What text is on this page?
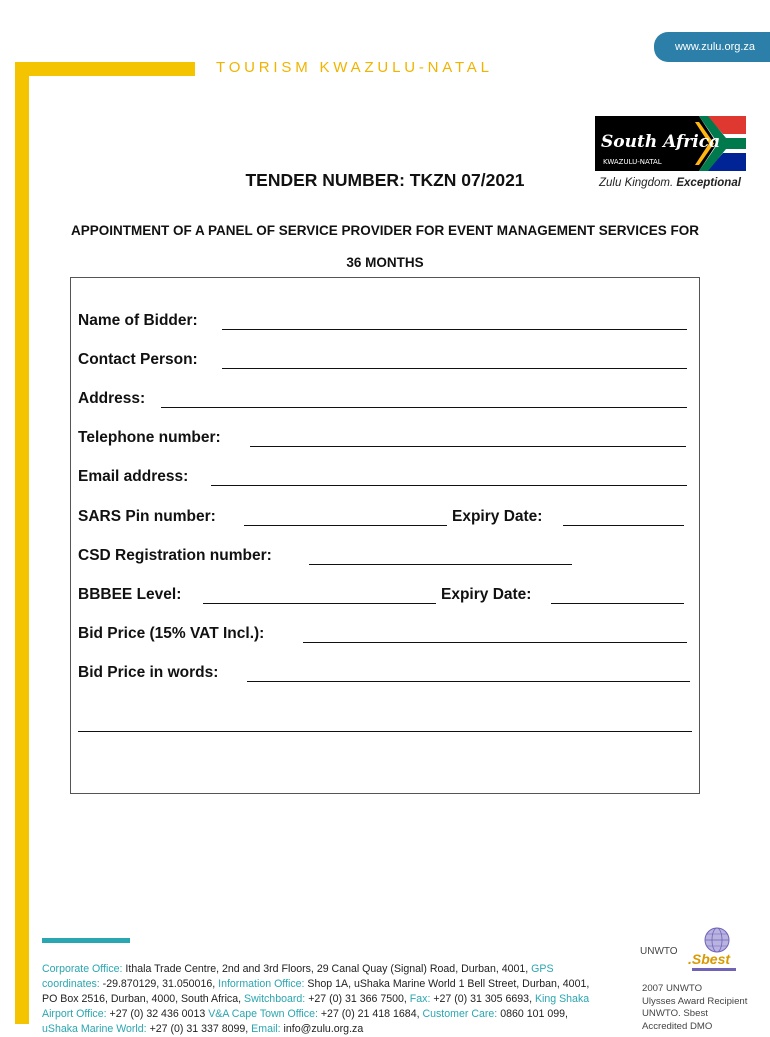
www.zulu.org.za
TOURISM KWAZULU-NATAL
South Africa
KWAZULU-NATAL
Zulu Kingdom. Exceptional
TENDER NUMBER: TKZN 07/2021
APPOINTMENT OF A PANEL OF SERVICE PROVIDER FOR EVENT MANAGEMENT SERVICES FOR
36 MONTHS
Name of Bidder:
Contact Person:
Address:
Telephone number:
Email address:
SARS Pin number:	Expiry Date:
CSD Registration number:
BBBEE Level:	Expiry Date:
Bid Price (15% VAT Incl.):
Bid Price in words:
Corporate Office: Ithala Trade Centre, 2nd and 3rd Floors, 29 Canal Quay (Signal) Road, Durban, 4001, GPS coordinates: -29.870129, 31.050016, Information Office: Shop 1A, uShaka Marine World 1 Bell Street, Durban, 4001, PO Box 2516, Durban, 4000, South Africa, Switchboard: +27 (0) 31 366 7500, Fax: +27 (0) 31 305 6693, King Shaka Airport Office: +27 (0) 32 436 0013 V&A Cape Town Office: +27 (0) 21 418 1684, Customer Care: 0860 101 099, uShaka Marine World: +27 (0) 31 337 8099, Email: info@zulu.org.za
UNWTO .Sbest
2007 UNWTO
Ulysses Award Recipient
UNWTO. Sbest
Accredited DMO
